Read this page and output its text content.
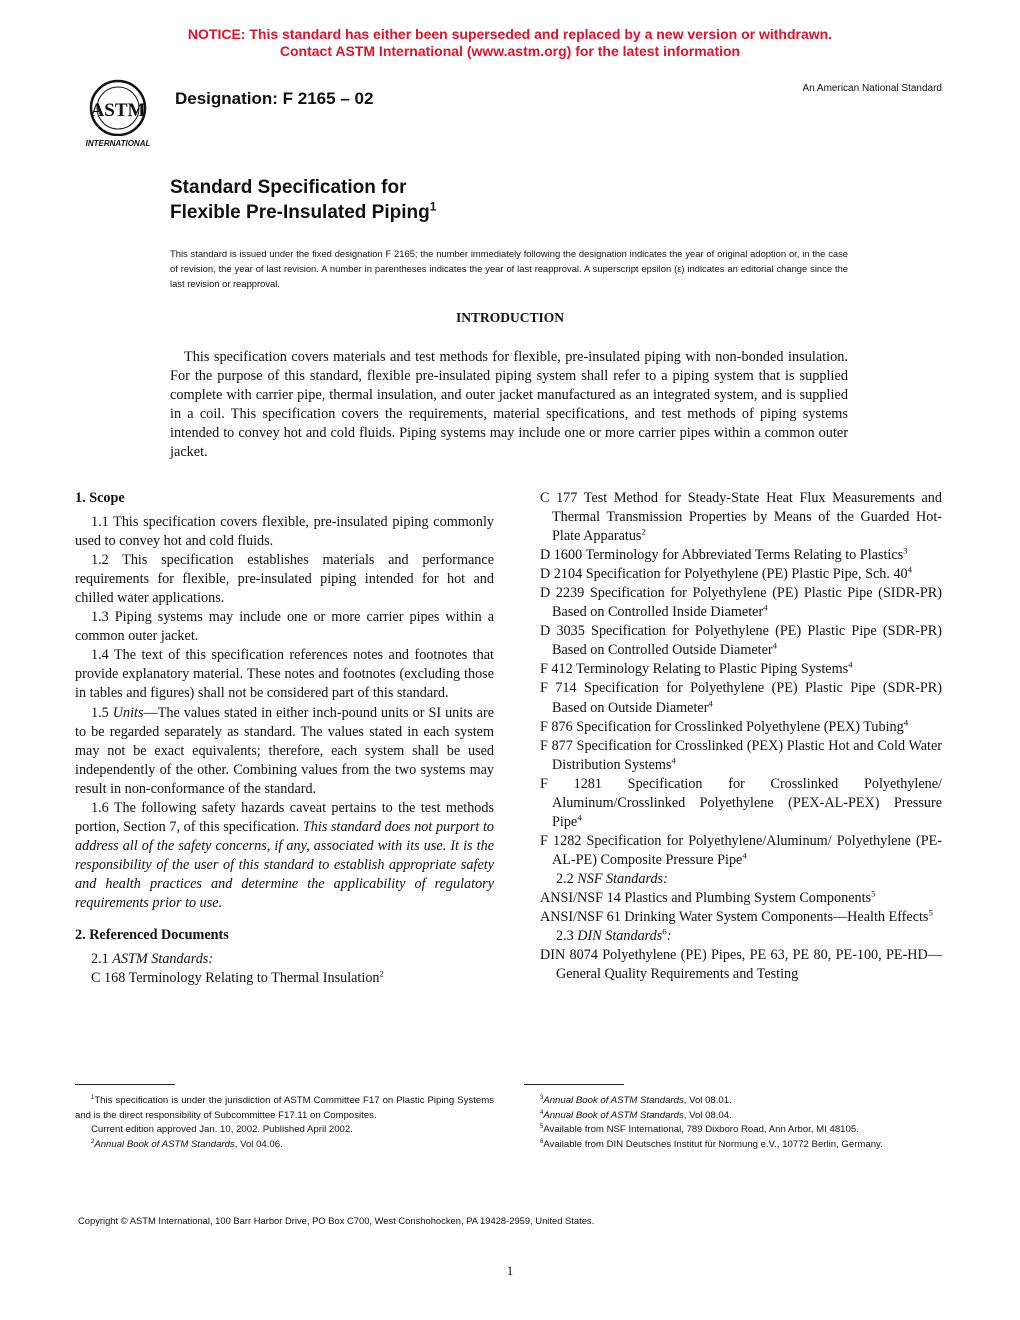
NOTICE: This standard has either been superseded and replaced by a new version or withdrawn.
Contact ASTM International (www.astm.org) for the latest information
ASTM
INTERNATIONAL
Designation: F 2165 – 02
An American National Standard
Standard Specification for
Flexible Pre-Insulated Piping$^1$
This standard is issued under the fixed designation F 2165; the number immediately following the designation indicates the year of original adoption or, in the case of revision, the year of last revision. A number in parentheses indicates the year of last reapproval. A superscript epsilon (ε) indicates an editorial change since the last revision or reapproval.
INTRODUCTION
This specification covers materials and test methods for flexible, pre-insulated piping with non-bonded insulation. For the purpose of this standard, flexible pre-insulated piping system shall refer to a piping system that is supplied complete with carrier pipe, thermal insulation, and outer jacket manufactured as an integrated system, and is supplied in a coil. This specification covers the requirements, material specifications, and test methods of piping systems intended to convey hot and cold fluids. Piping systems may include one or more carrier pipes within a common outer jacket.

1. Scope

1.1 This specification covers flexible, pre-insulated piping commonly used to convey hot and cold fluids.

1.2 This specification establishes materials and performance requirements for flexible, pre-insulated piping intended for hot and chilled water applications.

1.3 Piping systems may include one or more carrier pipes within a common outer jacket.

1.4 The text of this specification references notes and footnotes that provide explanatory material. These notes and footnotes (excluding those in tables and figures) shall not be considered part of this standard.

1.5 Units—The values stated in either inch-pound units or SI units are to be regarded separately as standard. The values stated in each system may not be exact equivalents; therefore, each system shall be used independently of the other. Combining values from the two systems may result in non-conformance of the standard.

1.6 The following safety hazards caveat pertains to the test methods portion, Section 7, of this specification. This standard does not purport to address all of the safety concerns, if any, associated with its use. It is the responsibility of the user of this standard to establish appropriate safety and health practices and determine the applicability of regulatory requirements prior to use.

2. Referenced Documents

2.1 ASTM Standards:

C 168 Terminology Relating to Thermal Insulation$^2$

C 177 Test Method for Steady-State Heat Flux Measurements and Thermal Transmission Properties by Means of the Guarded Hot-Plate Apparatus$^2$

D 1600 Terminology for Abbreviated Terms Relating to Plastics$^3$

D 2104 Specification for Polyethylene (PE) Plastic Pipe, Sch. $40^4$

D 2239 Specification for Polyethylene (PE) Plastic Pipe (SIDR-PR) Based on Controlled Inside Diameter$^4$

D 3035 Specification for Polyethylene (PE) Plastic Pipe (SDR-PR) Based on Controlled Outside Diameter$^4$

F 412 Terminology Relating to Plastic Piping Systems$^4$

F 714 Specification for Polyethylene (PE) Plastic Pipe (SDR-PR) Based on Outside Diameter$^4$

F 876 Specification for Crosslinked Polyethylene (PEX) Tubing$^4$

F 877 Specification for Crosslinked (PEX) Plastic Hot and Cold Water Distribution Systems$^4$

F 1281 Specification for Crosslinked Polyethylene/ Aluminum/Crosslinked Polyethylene (PEX-AL-PEX) Pressure Pipe$^4$

F 1282 Specification for Polyethylene/Aluminum/ Polyethylene (PE-AL-PE) Composite Pressure Pipe$^4$

2.2 NSF Standards:

ANSI/NSF 14 Plastics and Plumbing System Components$^5$

ANSI/NSF 61 Drinking Water System Components—Health Effects$^5$

2.3 DIN Standards$^6$:

DIN 8074 Polyethylene (PE) Pipes, PE 63, PE 80, PE-100, PE-HD—General Quality Requirements and Testing

$^1$This specification is under the jurisdiction of ASTM Committee F17 on Plastic Piping Systems and is the direct responsibility of Subcommittee F17.11 on Composites.

Current edition approved Jan. 10, 2002. Published April 2002.

$^2$Annual Book of ASTM Standards, Vol 04.06.

$^3$Annual Book of ASTM Standards, Vol 08.01.

$^4$Annual Book of ASTM Standards, Vol 08.04.

$^5$Available from NSF International, 789 Dixboro Road, Ann Arbor, MI 48105.

$^6$Available from DIN Deutsches Institut für Normung e.V., 10772 Berlin, Germany.

Copyright © ASTM International, 100 Barr Harbor Drive, PO Box C700, West Conshohocken, PA 19428-2959, United States.
1
